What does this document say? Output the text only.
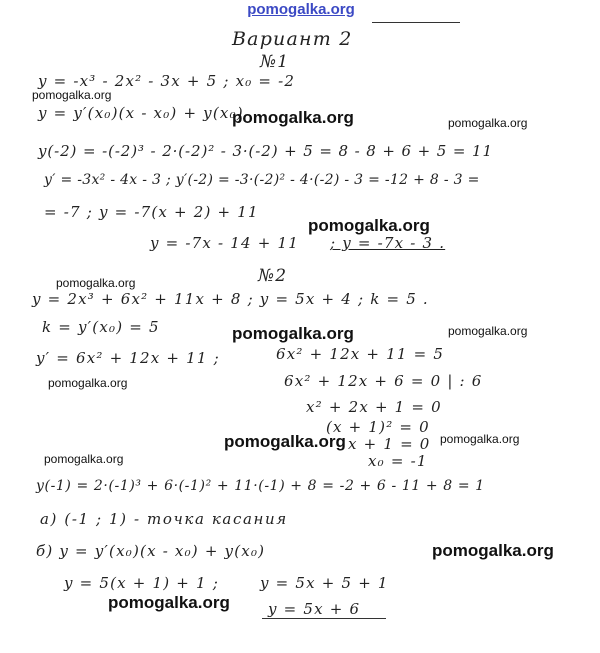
pomogalka.org
Вариант 2
№1
y = -x³ - 2x² - 3x + 5 ; x₀ = -2
y = y′(x₀)(x - x₀) + y(x₀)
y(-2) = -(-2)³ - 2·(-2)² - 3·(-2) + 5 = 8 - 8 + 6 + 5 = 11
y′ = -3x² - 4x - 3 ; y′(-2) = -3·(-2)² - 4·(-2) - 3 = -12 + 8 - 3 =
= -7 ; y = -7(x + 2) + 11
y = -7x - 14 + 11 ; y = -7x - 3 .
№2
y = 2x³ + 6x² + 11x + 8 ; y = 5x + 4 ; k = 5 .
k = y′(x₀) = 5
y′ = 6x² + 12x + 11 ;	6x² + 12x + 11 = 5
6x² + 12x + 6 = 0 | : 6
x² + 2x + 1 = 0
(x + 1)² = 0
x + 1 = 0
x₀ = -1
y(-1) = 2·(-1)³ + 6·(-1)² + 11·(-1) + 8 = -2 + 6 - 11 + 8 = 1
a) (-1 ; 1) - точка касания
б) y = y′(x₀)(x - x₀) + y(x₀)
y = 5(x + 1) + 1 ;	y = 5x + 5 + 1
y = 5x + 6
pomogalka.org
pomogalka.org	pomogalka.org
pomogalka.org
pomogalka.org
pomogalka.org	pomogalka.org
pomogalka.org
pomogalka.org	pomogalka.org
pomogalka.org
pomogalka.org
pomogalka.org
